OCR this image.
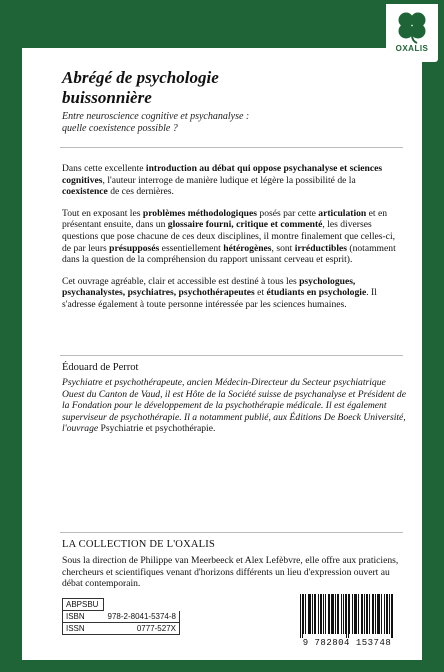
OXALIS
Abrégé de psychologie
buissonnière
Entre neuroscience cognitive et psychanalyse :
quelle coexistence possible ?

Dans cette excellente introduction au débat qui oppose psychanalyse et sciences cognitives, l'auteur interroge de manière ludique et légère la possibilité de la coexistence de ces dernières.

Tout en exposant les problèmes méthodologiques posés par cette articulation et en présentant ensuite, dans un glossaire fourni, critique et commenté, les diverses questions que pose chacune de ces deux disciplines, il montre finalement que celles-ci, de par leurs présupposés essentiellement hétérogènes, sont irréductibles (notamment dans la question de la compréhension du rapport unissant cerveau et esprit).

Cet ouvrage agréable, clair et accessible est destiné à tous les psychologues, psychanalystes, psychiatres, psychothérapeutes et étudiants en psychologie. Il s'adresse également à toute personne intéressée par les sciences humaines.

Édouard de Perrot
Psychiatre et psychothérapeute, ancien Médecin-Directeur du Secteur psychiatrique Ouest du Canton de Vaud, il est Hôte de la Société suisse de psychanalyse et Président de la Fondation pour le développement de la psychothérapie médicale. Il est également superviseur de psychothérapie. Il a notamment publié, aux Éditions De Boeck Université, l'ouvrage Psychiatrie et psychothérapie.
LA COLLECTION DE L'OXALIS
Sous la direction de Philippe van Meerbeeck et Alex Lefèbvre, elle offre aux praticiens, chercheurs et scientifiques venant d'horizons différents un lieu d'expression ouvert au débat contemporain.
ABPSBU
ISBN	978-2-8041-5374-8
ISSN	0777-527X
9 782804 153748
